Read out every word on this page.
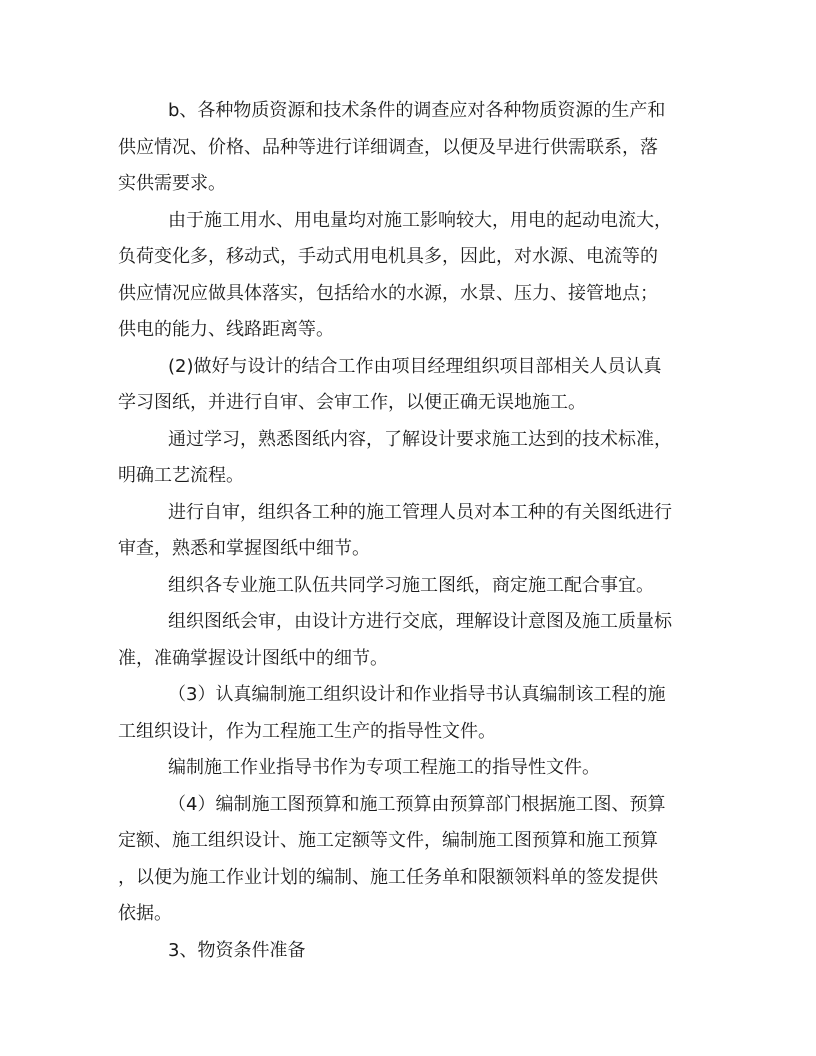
b、各种物质资源和技术条件的调查应对各种物质资源的生产和
供应情况、价格、品种等进行详细调查，以便及早进行供需联系，落
实供需要求。
由于施工用水、用电量均对施工影响较大，用电的起动电流大，
负荷变化多，移动式，手动式用电机具多，因此，对水源、电流等的
供应情况应做具体落实，包括给水的水源，水景、压力、接管地点；
供电的能力、线路距离等。
(2)做好与设计的结合工作由项目经理组织项目部相关人员认真
学习图纸，并进行自审、会审工作，以便正确无误地施工。
通过学习，熟悉图纸内容，了解设计要求施工达到的技术标准，
明确工艺流程。
进行自审，组织各工种的施工管理人员对本工种的有关图纸进行
审查，熟悉和掌握图纸中细节。
组织各专业施工队伍共同学习施工图纸，商定施工配合事宜。
组织图纸会审，由设计方进行交底，理解设计意图及施工质量标
准，准确掌握设计图纸中的细节。
（3）认真编制施工组织设计和作业指导书认真编制该工程的施
工组织设计，作为工程施工生产的指导性文件。
编制施工作业指导书作为专项工程施工的指导性文件。
（4）编制施工图预算和施工预算由预算部门根据施工图、预算
定额、施工组织设计、施工定额等文件，编制施工图预算和施工预算
，以便为施工作业计划的编制、施工任务单和限额领料单的签发提供
依据。
3、物资条件准备
